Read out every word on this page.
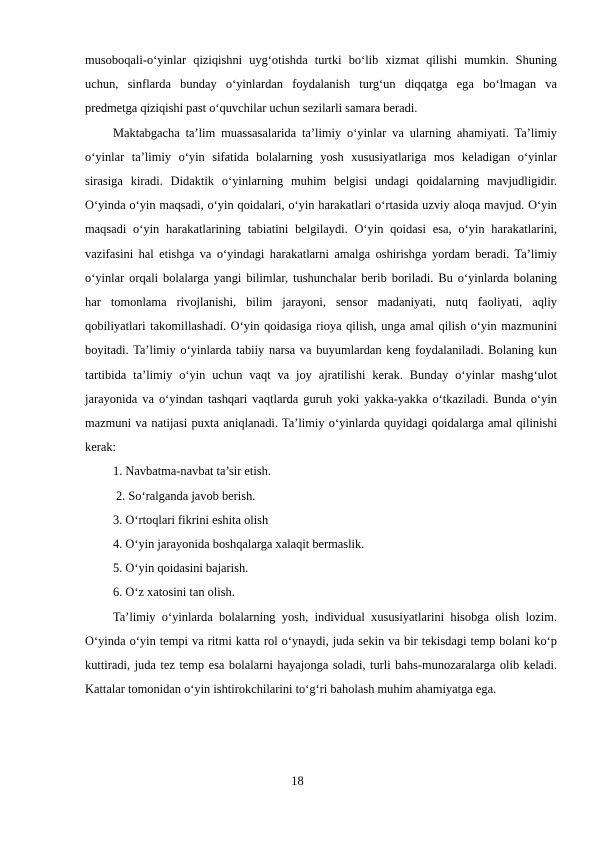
musoboqali-o‘yinlar qiziqishni uyg‘otishda turtki bo‘lib xizmat qilishi mumkin. Shuning uchun, sinflarda bunday o‘yinlardan foydalanish turg‘un diqqatga ega bo‘lmagan va predmetga qiziqishi past o‘quvchilar uchun sezilarli samara beradi.

Maktabgacha ta’lim muassasalarida ta’limiy o‘yinlar va ularning ahamiyati. Ta’limiy o‘yinlar ta’limiy o‘yin sifatida bolalarning yosh xususiyatlariga mos keladigan o‘yinlar sirasiga kiradi. Didaktik o‘yinlarning muhim belgisi undagi qoidalarning mavjudligidir. O‘yinda o‘yin maqsadi, o‘yin qoidalari, o‘yin harakatlari o‘rtasida uzviy aloqa mavjud. O‘yin maqsadi o‘yin harakatlarining tabiatini belgilaydi. O‘yin qoidasi esa, o‘yin harakatlarini, vazifasini hal etishga va o‘yindagi harakatlarni amalga oshirishga yordam beradi. Ta’limiy o‘yinlar orqali bolalarga yangi bilimlar, tushunchalar berib boriladi. Bu o‘yinlarda bolaning har tomonlama rivojlanishi, bilim jarayoni, sensor madaniyati, nutq faoliyati, aqliy qobiliyatlari takomillashadi. O‘yin qoidasiga rioya qilish, unga amal qilish o‘yin mazmunini boyitadi. Ta’limiy o‘yinlarda tabiiy narsa va buyumlardan keng foydalaniladi. Bolaning kun tartibida ta’limiy o‘yin uchun vaqt va joy ajratilishi kerak. Bunday o‘yinlar mashg‘ulot jarayonida va o‘yindan tashqari vaqtlarda guruh yoki yakka-yakka o‘tkaziladi. Bunda o‘yin mazmuni va natijasi puxta aniqlanadi. Ta’limiy o‘yinlarda quyidagi qoidalarga amal qilinishi kerak:

1. Navbatma-navbat ta’sir etish.

2. So‘ralganda javob berish.

3. O‘rtoqlari fikrini eshita olish

4. O‘yin jarayonida boshqalarga xalaqit bermaslik.

5. O‘yin qoidasini bajarish.

6. O‘z xatosini tan olish.

Ta’limiy o‘yinlarda bolalarning yosh, individual xususiyatlarini hisobga olish lozim. O‘yinda o‘yin tempi va ritmi katta rol o‘ynaydi, juda sekin va bir tekisdagi temp bolani ko‘p kuttiradi, juda tez temp esa bolalarni hayajonga soladi, turli bahs-munozaralarga olib keladi. Kattalar tomonidan o‘yin ishtirokchilarini to‘g‘ri baholash muhim ahamiyatga ega.

18
